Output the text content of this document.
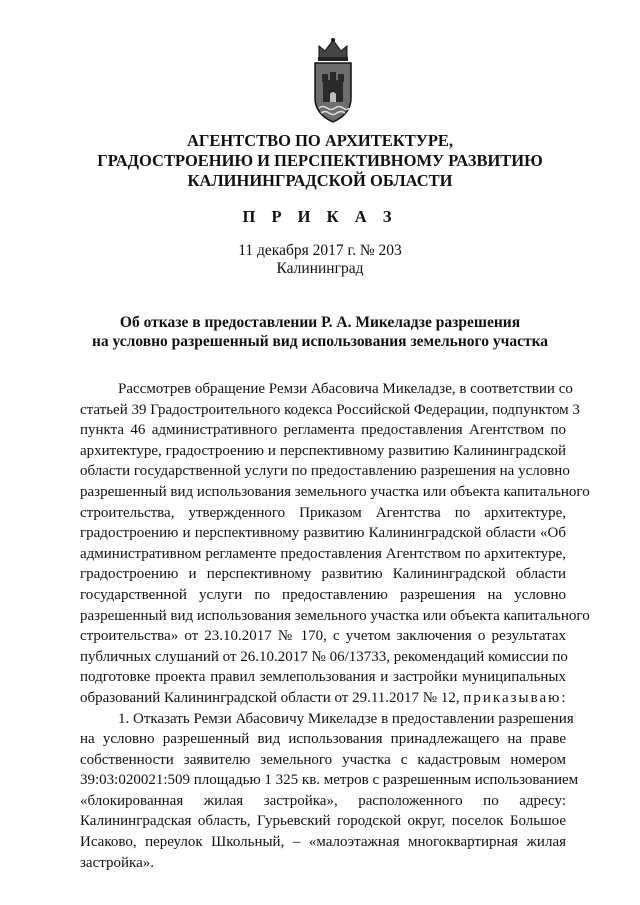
АГЕНТСТВО ПО АРХИТЕКТУРЕ,
ГРАДОСТРОЕНИЮ И ПЕРСПЕКТИВНОМУ РАЗВИТИЮ
КАЛИНИНГРАДСКОЙ ОБЛАСТИ
П Р И К А З
11 декабря 2017 г. № 203
Калининград
Об отказе в предоставлении Р. А. Микеладзе разрешения
на условно разрешенный вид использования земельного участка
Рассмотрев обращение Ремзи Абасовича Микеладзе, в соответствии со
статьей 39 Градостроительного кодекса Российской Федерации, подпунктом 3
пункта 46 административного регламента предоставления Агентством по
архитектуре, градостроению и перспективному развитию Калининградской
области государственной услуги по предоставлению разрешения на условно
разрешенный вид использования земельного участка или объекта капитального
строительства, утвержденного Приказом Агентства по архитектуре,
градостроению и перспективному развитию Калининградской области «Об
административном регламенте предоставления Агентством по архитектуре,
градостроению и перспективному развитию Калининградской области
государственной услуги по предоставлению разрешения на условно
разрешенный вид использования земельного участка или объекта капитального
строительства» от 23.10.2017 № 170, с учетом заключения о результатах
публичных слушаний от 26.10.2017 № 06/13733, рекомендаций комиссии по
подготовке проекта правил землепользования и застройки муниципальных
образований Калининградской области от 29.11.2017 № 12, приказываю:
1. Отказать Ремзи Абасовичу Микеладзе в предоставлении разрешения
на условно разрешенный вид использования принадлежащего на праве
собственности заявителю земельного участка с кадастровым номером
39:03:020021:509 площадью 1 325 кв. метров с разрешенным использованием
«блокированная жилая застройка», расположенного по адресу:
Калининградская область, Гурьевский городской округ, поселок Большое
Исаково, переулок Школьный, – «малоэтажная многоквартирная жилая
застройка».
